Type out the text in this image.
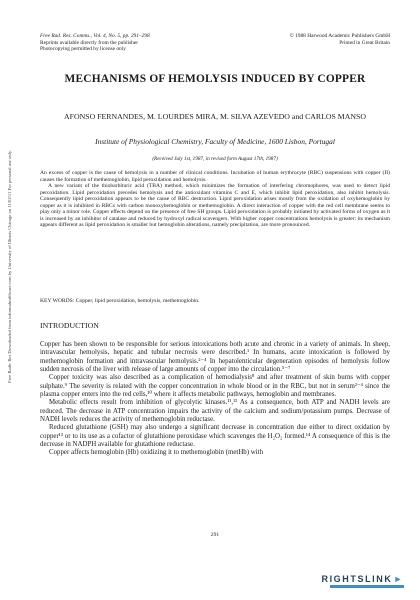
Free Radic Res Downloaded from informahealthcare.com by University of Illinois Chicago on 11/02/11 For personal use only.
Free Rad. Res. Comms., Vol. 4, No. 5, pp. 291–298
Reprints available directly from the publisher
Photocopying permitted by license only
© 1988 Harwood Academic Publishers GmbH
Printed in Great Britain
MECHANISMS OF HEMOLYSIS INDUCED BY COPPER
AFONSO FERNANDES, M. LOURDES MIRA, M. SILVA AZEVEDO and CARLOS MANSO
Institute of Physiological Chemistry, Faculty of Medicine, 1600 Lisbon, Portugal
(Received July 1st, 1987, in revised form August 17th, 1987)

An excess of copper is the cause of hemolysis in a number of clinical conditions. Incubation of human erythrocyte (RBC) suspensions with copper (II) causes the formation of methemoglobin, lipid peroxidation and hemolysis.

A new variant of the thiobarbituric acid (TBA) method, which minimizes the formation of interfering chromophores, was used to detect lipid peroxidation. Lipid peroxidation precedes hemolysis and the antioxidant vitamins C and E, which inhibit lipid peroxidation, also inhibit hemolysis. Consequently lipid peroxidation appears to be the cause of RBC destruction. Lipid peroxidation arises mostly from the oxidation of oxyhemoglobin by copper as it is inhibited in RBCs with carbon monoxyhemoglobin or methemoglobin. A direct interaction of copper with the red cell membrane seems to play only a minor role. Copper effects depend on the presence of free SH groups. Lipid peroxidation is probably initiated by activated forms of oxygen as it is increased by an inhibitor of catalase and reduced by hydroxyl radical scavengers. With higher copper concentrations hemolysis is greater: its mechanism appears different as lipid peroxidation is smaller but hemoglobin alterations, namely precipitation, are more pronounced.

KEY WORDS: Copper, lipid peroxidation, hemolysis, methemoglobin.
INTRODUCTION

Copper has been shown to be responsible for serious intoxications both acute and chronic in a variety of animals. In sheep, intravascular hemolysis, hepatic and tubular necrosis were described.¹ In humans, acute intoxication is followed by methemoglobin formation and intravascular hemolysis.²⁻⁴ In hepatolenticular degeneration episodes of hemolysis follow sudden necrosis of the liver with release of large amounts of copper into the circulation.⁵⁻⁷

Copper toxicity was also described as a complication of hemodialysis⁸ and after treatment of skin burns with copper sulphate.⁹ The severity is related with the copper concentration in whole blood or in the RBC, but not in serum²⁻⁴ since the plasma copper enters into the red cells,¹⁰ where it affects metabolic pathways, hemoglobin and membranes.

Metabolic effects result from inhibition of glycolytic kinases.¹¹,¹² As a consequence, both ATP and NADH levels are reduced. The decrease in ATP concentration impairs the activity of the calcium and sodium/potassium pumps. Decrease of NADH levels reduces the activity of methemoglobin reductase.

Reduced glutathione (GSH) may also undergo a significant decrease in concentration due either to direct oxidation by copper¹³ or to its use as a cofactor of glutathione peroxidase which scavenges the H₂O₂ formed.¹⁴ A consequence of this is the decrease in NADPH available for glutathione reductase.

Copper affects hemoglobin (Hb) oxidizing it to methemoglobin (metHb) with

291
RIGHTSLINK ►
